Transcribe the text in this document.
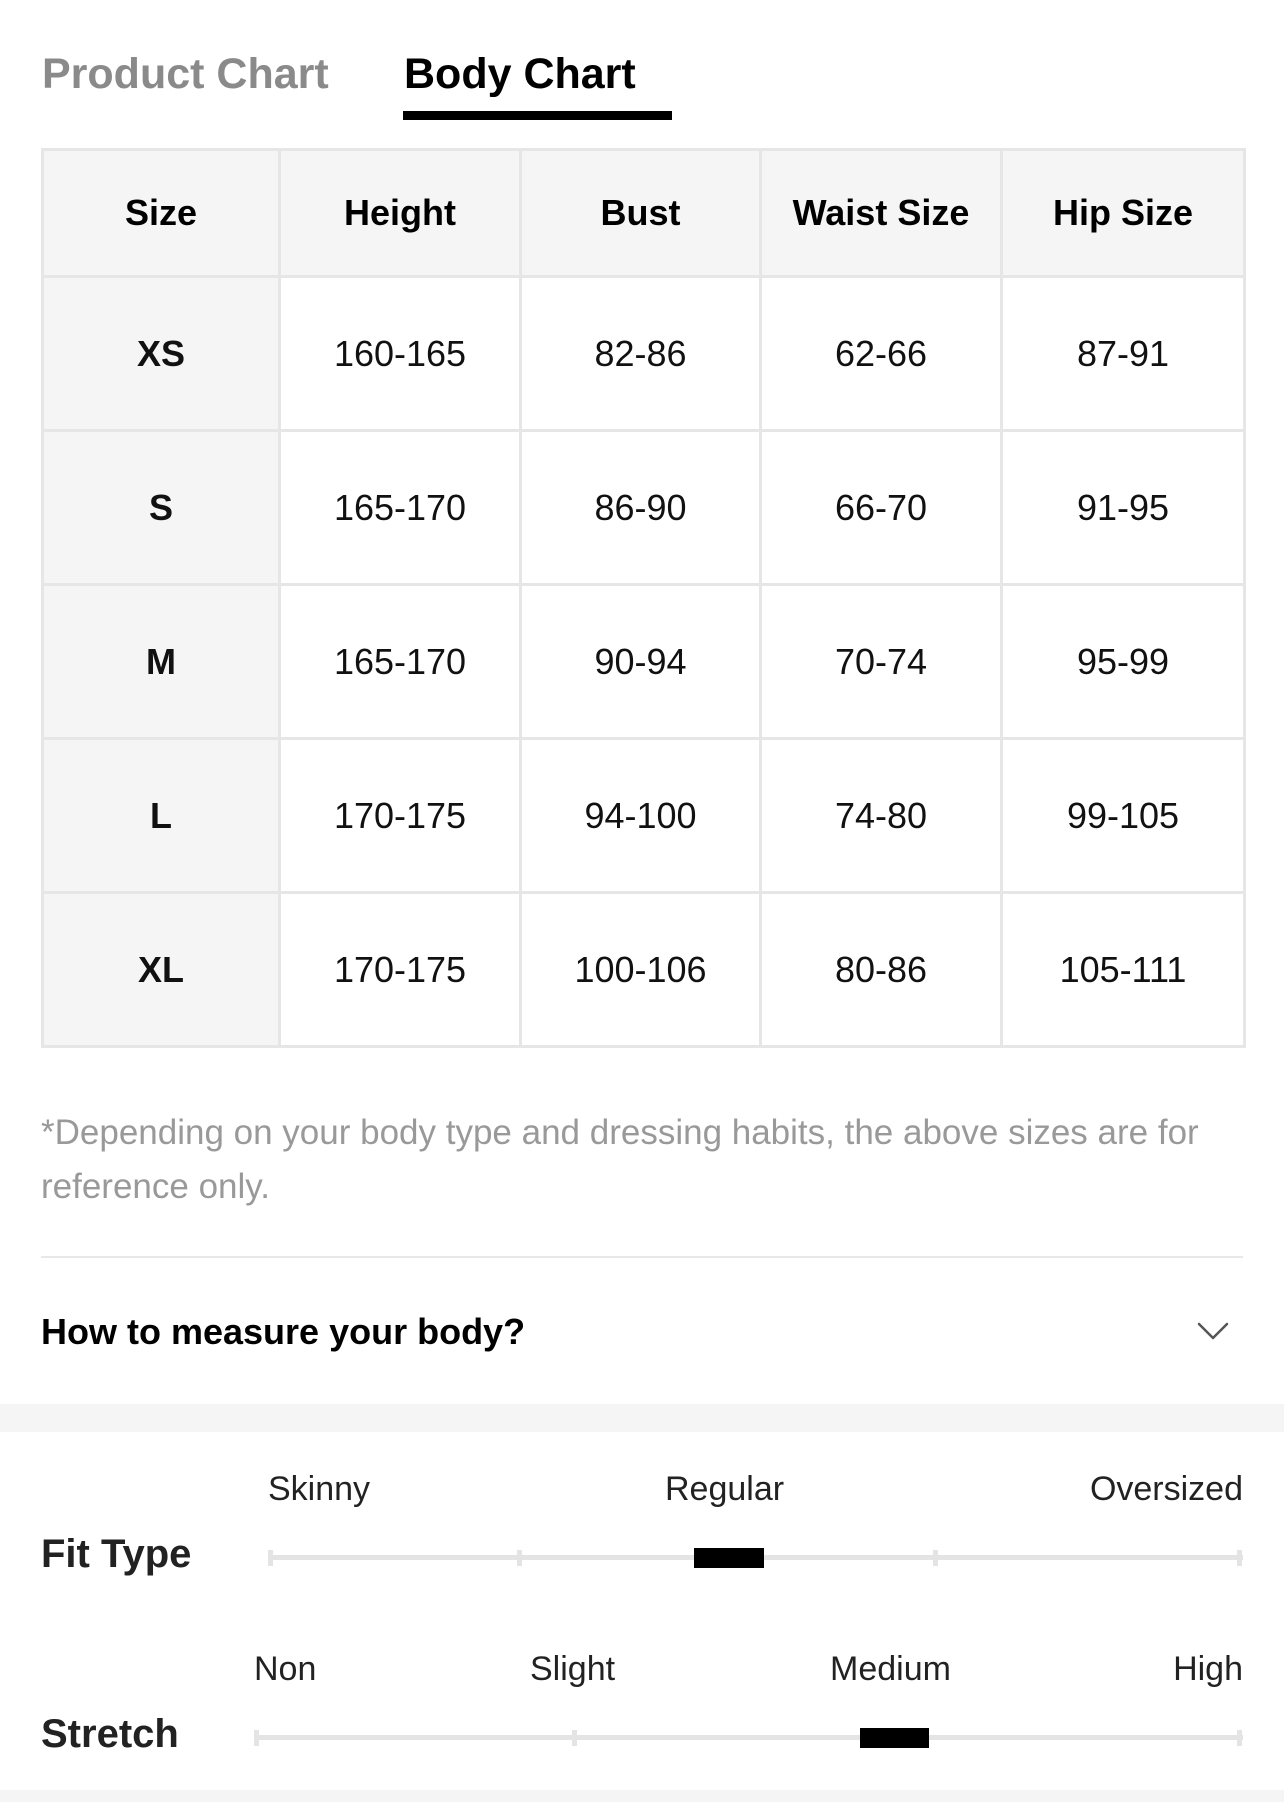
Product Chart Body Chart
Size	Height	Bust	Waist Size	Hip Size
XS	160-165	82-86	62-66	87-91
S	165-170	86-90	66-70	91-95
M	165-170	90-94	70-74	95-99
L	170-175	94-100	74-80	99-105
XL	170-175	100-106	80-86	105-111
*Depending on your body type and dressing habits, the above sizes are for reference only.
How to measure your body?
Fit Type
Skinny	Regular	Oversized
Stretch
Non	Slight	Medium	High
